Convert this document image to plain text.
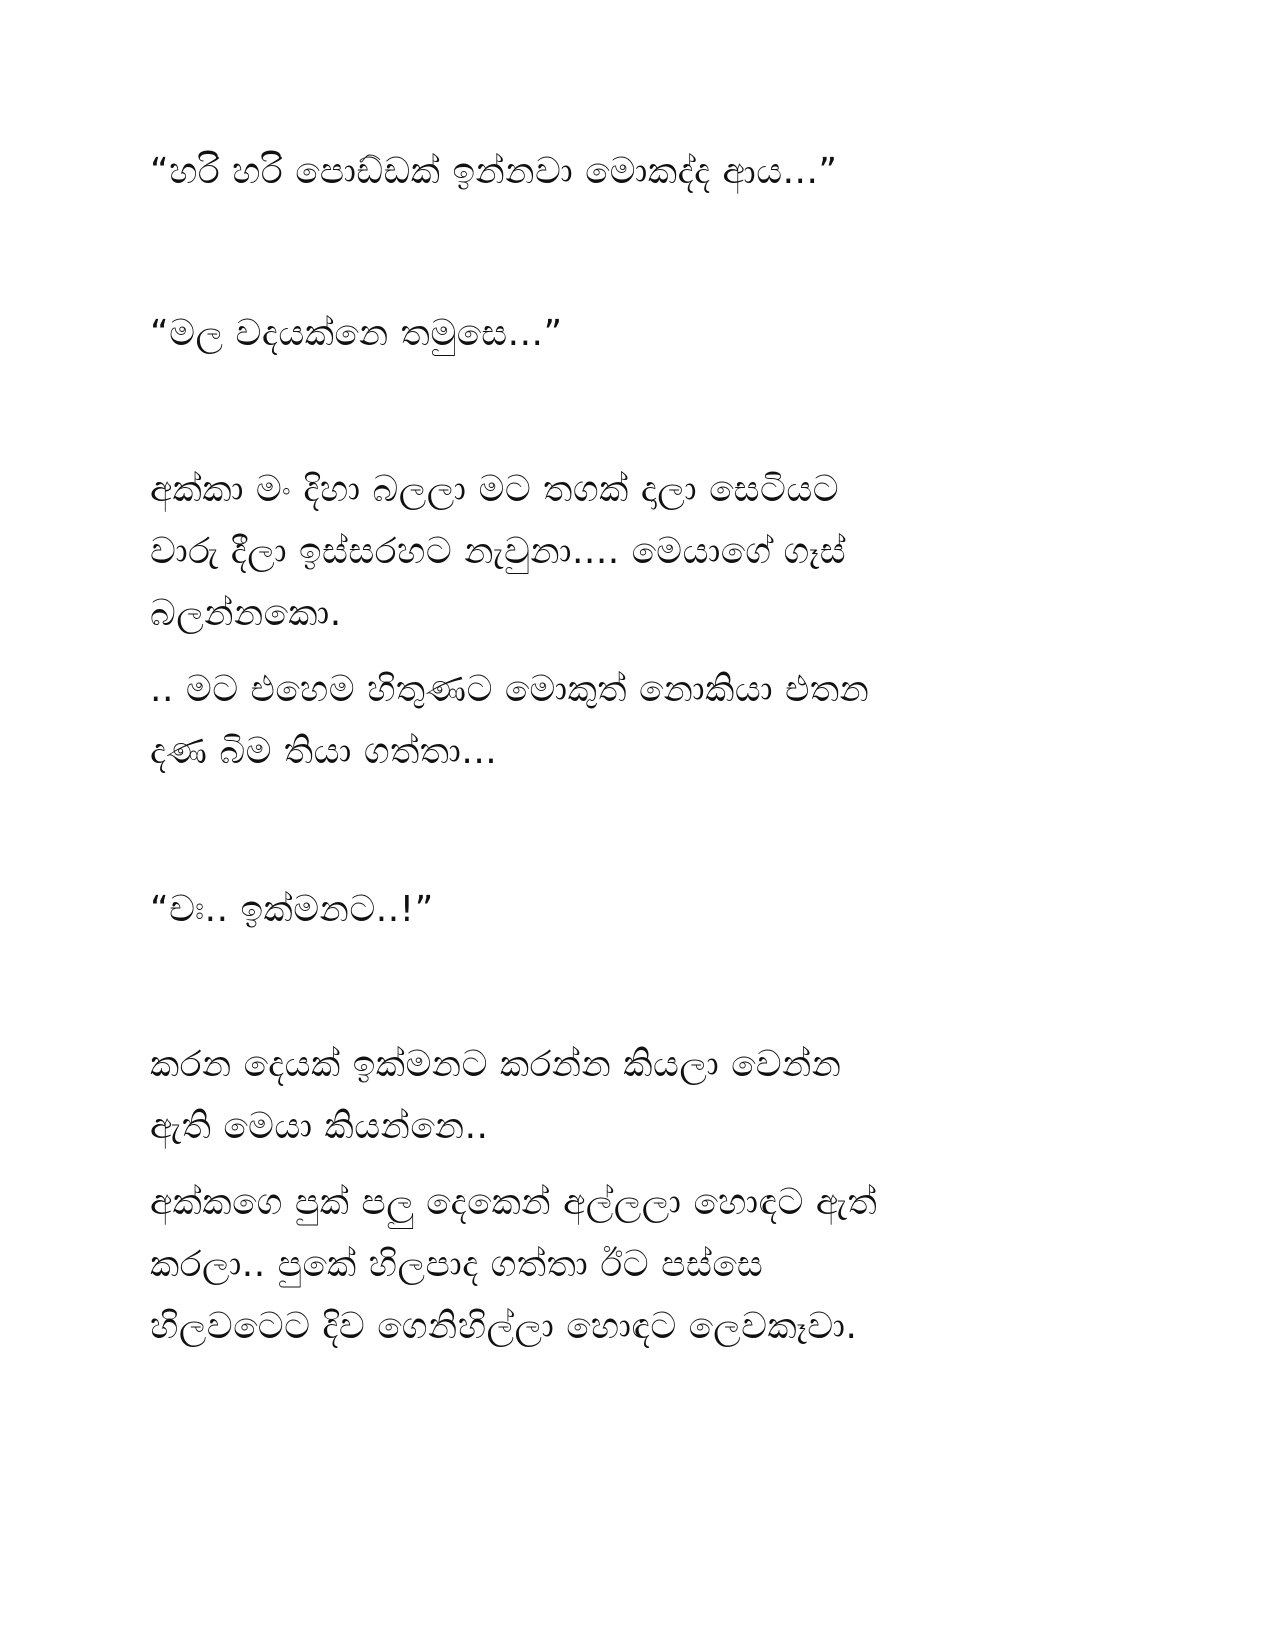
“හරි හරි පොඩ්ඩක් ඉන්නවා මොකද්ද ආය...”
“මල වදයක්නෙ තමුසෙ...”
අක්කා මං දිහා බලලා මට තගක් දාලා සෙටියට
වාරු දීලා ඉස්සරහට නැවුනා.... මෙයාගේ ගෑස්
බලන්නකො.
.. මට එහෙම හිතුණට මොකුත් නොකියා එතන
දණ බිම තියා ගත්තා...
“චඃ.. ඉක්මනට..!”
කරන දෙයක් ඉක්මනට කරන්න කියලා වෙන්න
ඇති මෙයා කියන්නෙ..
අක්කගෙ පුක් පලු දෙකෙන් අල්ලලා හොඳට ඇත්
කරලා.. පුකේ හිලපාද ගත්තා ඊට පස්සෙ
හිලවටෙට දිව ගෙනිහිල්ලා හොඳට ලෙවකෑවා.
